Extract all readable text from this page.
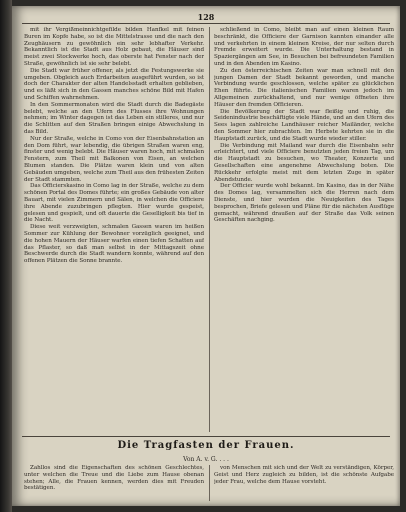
128

mit ihr Vergißmeinnichtgefilde bilden Hanfkel mit feinen Buren im Kopfe habe, so ist die Mittelstrasse und die nach den Zeughäusern zu gewöhnlich ein sehr lebhafter Verkehr. Bekanntlich ist die Stadt aus Holz gebaut, die Häuser sind meist zwei Stockwerke hoch, das oberste hat Fenster nach der Straße, gewöhnlich ist sie sehr belebt.

Die Stadt war früher offener, als jetzt die Festungswerke sie umgeben. Obgleich auch Erdarbeiten ausgeführt wurden, so ist doch der Charakter der alten Handelsstadt erhalten geblieben, und es läßt sich in den Gassen manches schöne Bild mit Hafen und Schiffen wahrnehmen.

In den Sommermonaten wird die Stadt durch die Badegäste belebt, welche an den Ufern des Flusses ihre Wohnungen nehmen; im Winter dagegen ist das Leben ein stilleres, und nur die Schlitten auf den Straßen bringen einige Abwechslung in das Bild.

Nur der Straße, welche in Como von der Eisenbahnstation an den Dom führt, war lebendig, die übrigen Straßen waren eng, finster und wenig belebt. Die Häuser waren hoch, mit schmalen Fenstern, zum Theil mit Balkonen von Eisen, an welchen Blumen standen. Die Plätze waren klein und von alten Gebäuden umgeben, welche zum Theil aus den frühesten Zeiten der Stadt stammten.

Das Officierskasino in Como lag in der Straße, welche zu dem schönen Portal des Domes führte; ein großes Gebäude von alter Bauart, mit vielen Zimmern und Sälen, in welchen die Officiere ihre Abende zuzubringen pflegten. Hier wurde gespeist, gelesen und gespielt, und oft dauerte die Geselligkeit bis tief in die Nacht.

Diese weit verzweigten, schmalen Gassen waren im heißen Sommer zur Kühlung der Bewohner vorzüglich geeignet, und die hohen Mauern der Häuser warfen einen tiefen Schatten auf das Pflaster, so daß man selbst in der Mittagszeit ohne Beschwerde durch die Stadt wandern konnte, während auf den offenen Plätzen die Sonne brannte.

schließend in Como, bleibt man auf einen kleinen Raum beschränkt, die Officiere der Garnison kannten einander alle und verkehrten in einem kleinen Kreise, der nur selten durch Fremde erweitert wurde. Die Unterhaltung bestand in Spaziergängen am See, in Besuchen bei befreundeten Familien und in den Abenden im Kasino.

Zu den österreichischen Zeiten war man schnell mit den jungen Damen der Stadt bekannt geworden, und manche Verbindung wurde geschlossen, welche später zu glücklichen Ehen führte. Die italienischen Familien waren jedoch im Allgemeinen zurückhaltend, und nur wenige öffneten ihre Häuser den fremden Officieren.

Die Bevölkerung der Stadt war fleißig und ruhig, die Seidenindustrie beschäftigte viele Hände, und an den Ufern des Sees lagen zahlreiche Landhäuser reicher Mailänder, welche den Sommer hier zubrachten. Im Herbste kehrten sie in die Hauptstadt zurück, und die Stadt wurde wieder stiller.

Die Verbindung mit Mailand war durch die Eisenbahn sehr erleichtert, und viele Officiere benutzten jeden freien Tag, um die Hauptstadt zu besuchen, wo Theater, Konzerte und Gesellschaften eine angenehme Abwechslung boten. Die Rückkehr erfolgte meist mit dem letzten Zuge in später Abendstunde.

Der Officier wurde wohl bekannt. Im Kasino, das in der Nähe des Domes lag, versammelten sich die Herren nach dem Dienste, und hier wurden die Neuigkeiten des Tages besprochen, Briefe gelesen und Pläne für die nächsten Ausflüge gemacht, während draußen auf der Straße das Volk seinen Geschäften nachging.

Die Tragfasten der Frauen.
Von A. v. G. . . .

Zahllos sind die Eigenschaften des schönen Geschlechtes, unter welchen die Treue und die Liebe zum Hause obenan stehen; Alle, die Frauen kennen, werden dies mit Freuden bestätigen.

von Menschen mit sich und der Welt zu verständigen, Körper, Geist und Herz zugleich zu bilden, ist die schönste Aufgabe jeder Frau, welche dem Hause vorsteht.
